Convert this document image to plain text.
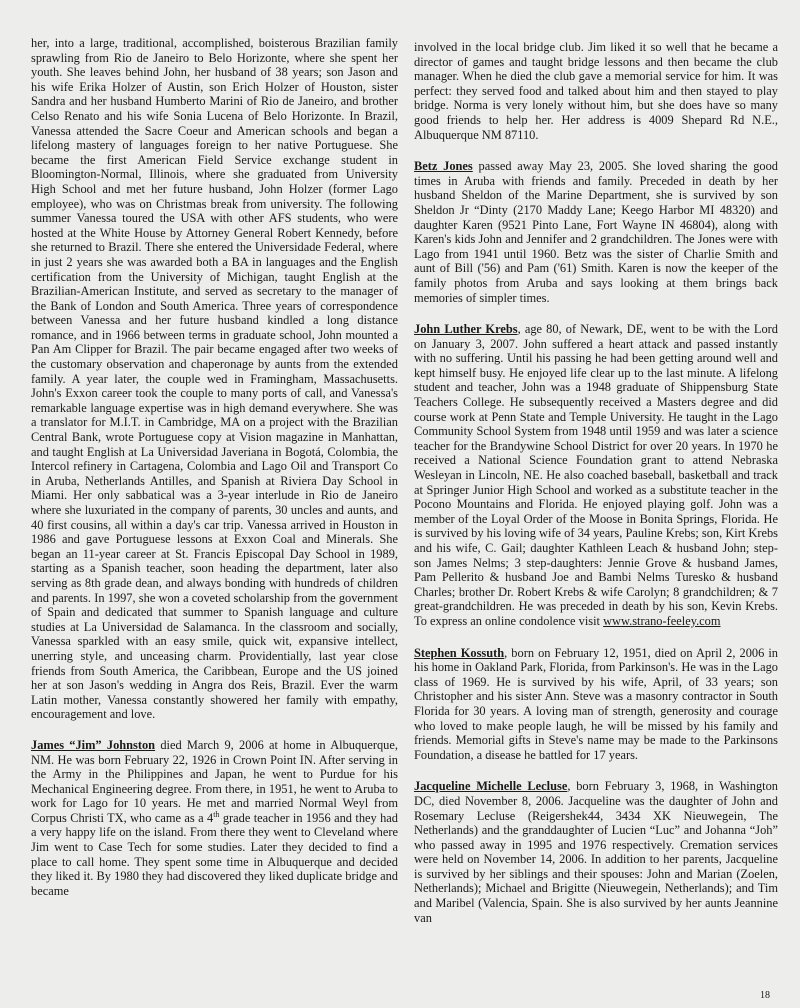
her, into a large, traditional, accomplished, boisterous Brazilian family sprawling from Rio de Janeiro to Belo Horizonte, where she spent her youth. She leaves behind John, her husband of 38 years; son Jason and his wife Erika Holzer of Austin, son Erich Holzer of Houston, sister Sandra and her husband Humberto Marini of Rio de Janeiro, and brother Celso Renato and his wife Sonia Lucena of Belo Horizonte. In Brazil, Vanessa attended the Sacre Coeur and American schools and began a lifelong mastery of languages foreign to her native Portuguese. She became the first American Field Service exchange student in Bloomington-Normal, Illinois, where she graduated from University High School and met her future husband, John Holzer (former Lago employee), who was on Christmas break from university. The following summer Vanessa toured the USA with other AFS students, who were hosted at the White House by Attorney General Robert Kennedy, before she returned to Brazil. There she entered the Universidade Federal, where in just 2 years she was awarded both a BA in languages and the English certification from the University of Michigan, taught English at the Brazilian-American Institute, and served as secretary to the manager of the Bank of London and South America. Three years of correspondence between Vanessa and her future husband kindled a long distance romance, and in 1966 between terms in graduate school, John mounted a Pan Am Clipper for Brazil. The pair became engaged after two weeks of the customary observation and chaperonage by aunts from the extended family. A year later, the couple wed in Framingham, Massachusetts. John's Exxon career took the couple to many ports of call, and Vanessa's remarkable language expertise was in high demand everywhere. She was a translator for M.I.T. in Cambridge, MA on a project with the Brazilian Central Bank, wrote Portuguese copy at Vision magazine in Manhattan, and taught English at La Universidad Javeriana in Bogotá, Colombia, the Intercol refinery in Cartagena, Colombia and Lago Oil and Transport Co in Aruba, Netherlands Antilles, and Spanish at Riviera Day School in Miami. Her only sabbatical was a 3-year interlude in Rio de Janeiro where she luxuriated in the company of parents, 30 uncles and aunts, and 40 first cousins, all within a day's car trip. Vanessa arrived in Houston in 1986 and gave Portuguese lessons at Exxon Coal and Minerals. She began an 11-year career at St. Francis Episcopal Day School in 1989, starting as a Spanish teacher, soon heading the department, later also serving as 8th grade dean, and always bonding with hundreds of children and parents. In 1997, she won a coveted scholarship from the government of Spain and dedicated that summer to Spanish language and culture studies at La Universidad de Salamanca. In the classroom and socially, Vanessa sparkled with an easy smile, quick wit, expansive intellect, unerring style, and unceasing charm. Providentially, last year close friends from South America, the Caribbean, Europe and the US joined her at son Jason's wedding in Angra dos Reis, Brazil. Ever the warm Latin mother, Vanessa constantly showered her family with empathy, encouragement and love.

James “Jim” Johnston died March 9, 2006 at home in Albuquerque, NM. He was born February 22, 1926 in Crown Point IN. After serving in the Army in the Philippines and Japan, he went to Purdue for his Mechanical Engineering degree. From there, in 1951, he went to Aruba to work for Lago for 10 years. He met and married Normal Weyl from Corpus Christi TX, who came as a 4th grade teacher in 1956 and they had a very happy life on the island. From there they went to Cleveland where Jim went to Case Tech for some studies. Later they decided to find a place to call home. They spent some time in Albuquerque and decided they liked it. By 1980 they had discovered they liked duplicate bridge and became

involved in the local bridge club. Jim liked it so well that he became a director of games and taught bridge lessons and then became the club manager. When he died the club gave a memorial service for him. It was perfect: they served food and talked about him and then stayed to play bridge. Norma is very lonely without him, but she does have so many good friends to help her. Her address is 4009 Shepard Rd N.E., Albuquerque NM 87110.

Betz Jones passed away May 23, 2005. She loved sharing the good times in Aruba with friends and family. Preceded in death by her husband Sheldon of the Marine Department, she is survived by son Sheldon Jr “Dinty (2170 Maddy Lane; Keego Harbor MI 48320) and daughter Karen (9521 Pinto Lane, Fort Wayne IN 46804), along with Karen's kids John and Jennifer and 2 grandchildren. The Jones were with Lago from 1941 until 1960. Betz was the sister of Charlie Smith and aunt of Bill ('56) and Pam ('61) Smith. Karen is now the keeper of the family photos from Aruba and says looking at them brings back memories of simpler times.

John Luther Krebs, age 80, of Newark, DE, went to be with the Lord on January 3, 2007. John suffered a heart attack and passed instantly with no suffering. Until his passing he had been getting around well and kept himself busy. He enjoyed life clear up to the last minute. A lifelong student and teacher, John was a 1948 graduate of Shippensburg State Teachers College. He subsequently received a Masters degree and did course work at Penn State and Temple University. He taught in the Lago Community School System from 1948 until 1959 and was later a science teacher for the Brandywine School District for over 20 years. In 1970 he received a National Science Foundation grant to attend Nebraska Wesleyan in Lincoln, NE. He also coached baseball, basketball and track at Springer Junior High School and worked as a substitute teacher in the Pocono Mountains and Florida. He enjoyed playing golf. John was a member of the Loyal Order of the Moose in Bonita Springs, Florida. He is survived by his loving wife of 34 years, Pauline Krebs; son, Kirt Krebs and his wife, C. Gail; daughter Kathleen Leach & husband John; step-son James Nelms; 3 step-daughters: Jennie Grove & husband James, Pam Pellerito & husband Joe and Bambi Nelms Turesko & husband Charles; brother Dr. Robert Krebs & wife Carolyn; 8 grandchildren; & 7 great-grandchildren. He was preceded in death by his son, Kevin Krebs. To express an online condolence visit www.strano-feeley.com

Stephen Kossuth, born on February 12, 1951, died on April 2, 2006 in his home in Oakland Park, Florida, from Parkinson's. He was in the Lago class of 1969. He is survived by his wife, April, of 33 years; son Christopher and his sister Ann. Steve was a masonry contractor in South Florida for 30 years. A loving man of strength, generosity and courage who loved to make people laugh, he will be missed by his family and friends. Memorial gifts in Steve's name may be made to the Parkinsons Foundation, a disease he battled for 17 years.

Jacqueline Michelle Lecluse, born February 3, 1968, in Washington DC, died November 8, 2006. Jacqueline was the daughter of John and Rosemary Lecluse (Reigershek44, 3434 XK Nieuwegein, The Netherlands) and the granddaughter of Lucien “Luc” and Johanna “Joh” who passed away in 1995 and 1976 respectively. Cremation services were held on November 14, 2006. In addition to her parents, Jacqueline is survived by her siblings and their spouses: John and Marian (Zoelen, Netherlands); Michael and Brigitte (Nieuwegein, Netherlands); and Tim and Maribel (Valencia, Spain. She is also survived by her aunts Jeannine van

18
